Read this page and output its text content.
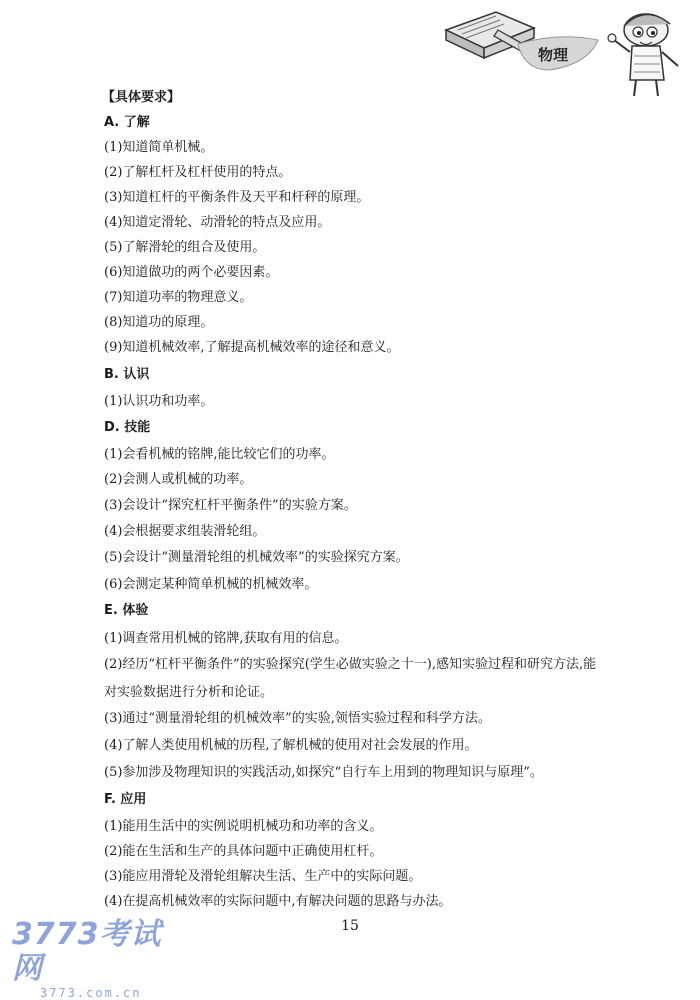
物理
【具体要求】
A. 了解
(1)知道简单机械。
(2)了解杠杆及杠杆使用的特点。
(3)知道杠杆的平衡条件及天平和杆秤的原理。
(4)知道定滑轮、动滑轮的特点及应用。
(5)了解滑轮的组合及使用。
(6)知道做功的两个必要因素。
(7)知道功率的物理意义。
(8)知道功的原理。
(9)知道机械效率,了解提高机械效率的途径和意义。
B. 认识
(1)认识功和功率。
D. 技能
(1)会看机械的铭牌,能比较它们的功率。
(2)会测人或机械的功率。
(3)会设计“探究杠杆平衡条件”的实验方案。
(4)会根据要求组装滑轮组。
(5)会设计“测量滑轮组的机械效率”的实验探究方案。
(6)会测定某种简单机械的机械效率。
E. 体验
(1)调查常用机械的铭牌,获取有用的信息。
(2)经历“杠杆平衡条件”的实验探究(学生必做实验之十一),感知实验过程和研究方法,能
对实验数据进行分析和论证。
(3)通过“测量滑轮组的机械效率”的实验,领悟实验过程和科学方法。
(4)了解人类使用机械的历程,了解机械的使用对社会发展的作用。
(5)参加涉及物理知识的实践活动,如探究“自行车上用到的物理知识与原理”。
F. 应用
(1)能用生活中的实例说明机械功和功率的含义。
(2)能在生活和生产的具体问题中正确使用杠杆。
(3)能应用滑轮及滑轮组解决生活、生产中的实际问题。
(4)在提高机械效率的实际问题中,有解决问题的思路与办法。
15
3773考试网
3773.com.cn
